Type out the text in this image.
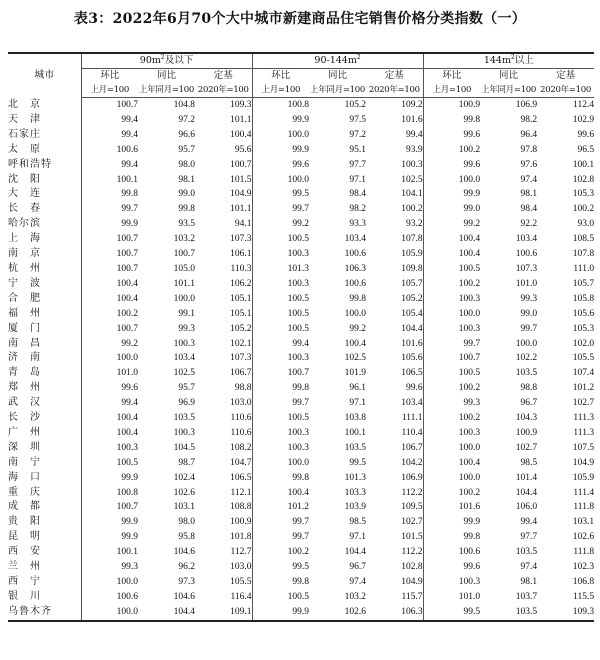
表3：2022年6月70个大中城市新建商品住宅销售价格分类指数（一）
城市	$90m^2$及以下			$90-144m^2$			$144m^2$以上		
	环比	同比	定基	环比	同比	定基	环比	同比	定基
	上月=100	上年同月=100	2020年=100	上月=100	上年同月=100	2020年=100	上月=100	上年同月=100	2020年=100
北　京	100.7	104.8	109.3	100.8	105.2	109.2	100.9	106.9	112.4
天　津	99.4	97.2	101.1	99.9	97.5	101.6	99.8	98.2	102.9
石家庄	99.4	96.6	100.4	100.0	97.2	99.4	99.6	96.4	99.6
太　原	100.6	95.7	95.6	99.9	95.1	93.9	100.2	97.8	96.5
呼和浩特	99.4	98.0	100.7	99.6	97.7	100.3	99.6	97.6	100.1
沈　阳	100.1	98.1	101.5	100.0	97.1	102.5	100.0	97.4	102.8
大　连	99.8	99.0	104.9	99.5	98.4	104.1	99.9	98.1	105.3
长　春	99.7	99.8	101.1	99.7	98.2	100.2	99.0	98.4	100.2
哈尔滨	99.9	93.5	94.1	99.2	93.3	93.2	99.2	92.2	93.0
上　海	100.7	103.2	107.3	100.5	103.4	107.8	100.4	103.4	108.5
南　京	100.7	100.7	106.1	100.3	100.6	105.9	100.4	100.6	107.8
杭　州	100.7	105.0	110.3	101.3	106.3	109.8	100.5	107.3	111.0
宁　波	100.4	101.1	106.2	100.3	100.6	105.7	100.2	101.0	105.7
合　肥	100.4	100.0	105.1	100.5	99.8	105.2	100.3	99.3	105.8
福　州	100.2	99.1	105.1	100.5	100.0	105.4	100.0	99.0	105.6
厦　门	100.7	99.3	105.2	100.5	99.2	104.4	100.3	99.7	105.3
南　昌	99.2	100.3	102.1	99.4	100.4	101.6	99.7	100.0	102.0
济　南	100.0	103.4	107.3	100.3	102.5	105.6	100.7	102.2	105.5
青　岛	101.0	102.5	106.7	100.7	101.9	106.5	100.5	103.5	107.4
郑　州	99.6	95.7	98.8	99.8	96.1	99.6	100.2	98.8	101.2
武　汉	99.4	96.9	103.0	99.7	97.1	103.4	99.3	96.7	102.7
长　沙	100.4	103.5	110.6	100.5	103.8	111.1	100.2	104.3	111.3
广　州	100.4	100.3	110.6	100.3	100.1	110.4	100.3	100.9	111.3
深　圳	100.3	104.5	108.2	100.3	103.5	106.7	100.0	102.7	107.5
南　宁	100.5	98.7	104.7	100.0	99.5	104.2	100.4	98.5	104.9
海　口	99.9	102.4	106.5	99.8	101.3	106.9	100.0	101.4	105.9
重　庆	100.8	102.6	112.1	100.4	103.3	112.2	100.2	104.4	111.4
成　都	100.7	103.1	108.8	101.2	103.9	109.5	101.6	106.0	111.8
贵　阳	99.9	98.0	100.9	99.7	98.5	102.7	99.9	99.4	103.1
昆　明	99.9	95.8	101.8	99.7	97.1	101.5	99.8	97.7	102.6
西　安	100.1	104.6	112.7	100.2	104.4	112.2	100.6	103.5	111.8
兰　州	99.3	96.2	103.0	99.5	96.7	102.8	99.6	97.4	102.3
西　宁	100.0	97.3	105.5	99.8	97.4	104.9	100.3	98.1	106.8
银　川	100.6	104.6	116.4	100.5	103.2	115.7	101.0	103.7	115.5
乌鲁木齐	100.0	104.4	109.1	99.9	102.6	106.3	99.5	103.5	109.3
